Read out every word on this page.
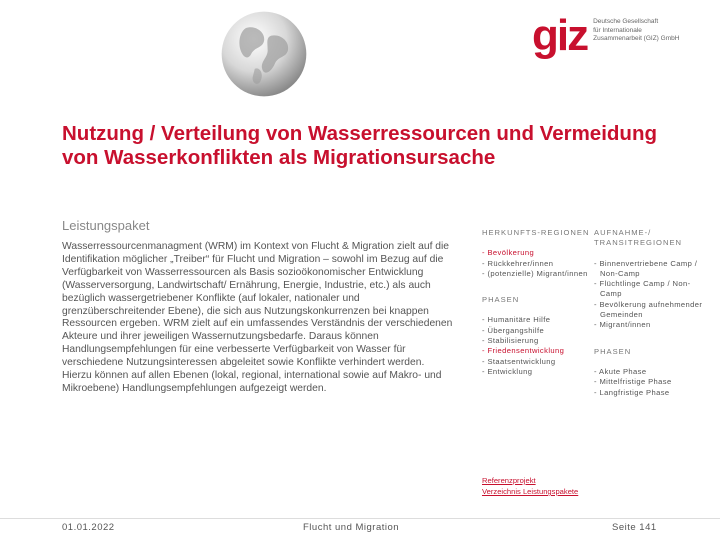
giz Deutsche Gesellschaft
für Internationale
Zusammenarbeit (GIZ) GmbH
Nutzung / Verteilung von Wasserressourcen und Vermeidung von Wasserkonflikten als Migrationsursache
Leistungspaket
Wasserressourcenmanagment (WRM) im Kontext von Flucht & Migration zielt auf die Identifikation möglicher „Treiber“ für Flucht und Migration – sowohl im Bezug auf die Verfügbarkeit von Wasserressourcen als Basis sozioökonomischer Entwicklung (Wasserversorgung, Landwirtschaft/ Ernährung, Energie, Industrie, etc.) als auch bezüglich wassergetriebener Konflikte (auf lokaler, nationaler und grenzüberschreitender Ebene), die sich aus Nutzungskonkurrenzen bei knappen Ressourcen ergeben. WRM zielt auf ein umfassendes Verständnis der verschiedenen Akteure und ihrer jeweiligen Wassernutzungsbedarfe. Daraus können Handlungsempfehlungen für eine verbesserte Verfügbarkeit von Wasser für verschiedene Nutzungsinteressen abgeleitet sowie Konflikte verhindert werden. Hierzu können auf allen Ebenen (lokal, regional, international sowie auf Makro- und Mikroebene) Handlungsempfehlungen aufgezeigt werden.
HERKUNFTS-REGIONEN
- Bevölkerung
- Rückkehrer/innen
- (potenzielle) Migrant/innen
PHASEN
- Humanitäre Hilfe
- Übergangshilfe
- Stabilisierung
- Friedensentwicklung
- Staatsentwicklung
- Entwicklung
AUFNAHME-/ TRANSITREGIONEN
- Binnenvertriebene Camp / Non-Camp
- Flüchtlinge Camp / Non-Camp
- Bevölkerung aufnehmender Gemeinden
- Migrant/innen
PHASEN
- Akute Phase
- Mittelfristige Phase
- Langfristige Phase
Referenzprojekt
Verzeichnis Leistungspakete
01.01.2022	Flucht und Migration	Seite 141
